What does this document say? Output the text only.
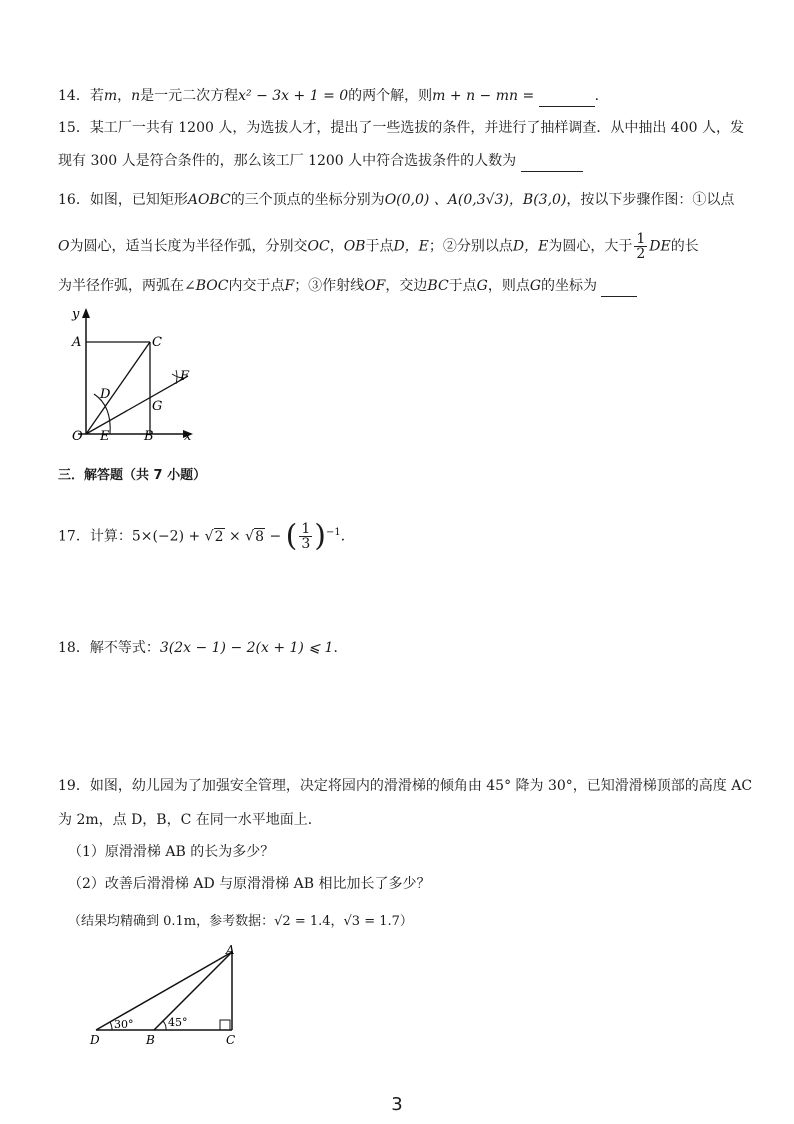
14．若m，n是一元二次方程x² − 3x + 1 = 0的两个解，则m + n − mn =	.
15．某工厂一共有 1200 人，为选拔人才，提出了一些选拔的条件，并进行了抽样调查．从中抽出 400 人，发
现有 300 人是符合条件的，那么该工厂 1200 人中符合选拔条件的人数为
16．如图，已知矩形AOBC的三个顶点的坐标分别为O(0,0) 、A(0,3√3)，B(3,0)，按以下步骤作图：①以点
O为圆心，适当长度为半径作弧，分别交OC，OB于点D，E；②分别以点D，E为圆心，大于 $\frac{1}{2}$ DE的长
为半径作弧，两弧在∠BOC内交于点F；③作射线OF，交边BC于点G，则点G的坐标为
y
A	C
D
F
G
O E	B x
三．解答题（共 7 小题）
17．计算：5×(−2) + √2 × √8 − ( $\frac{1}{3} )^{-1}$．
18．解不等式：3(2x − 1) − 2(x + 1) ⩽ 1．
19．如图，幼儿园为了加强安全管理，决定将园内的滑滑梯的倾角由 45° 降为 30°，已知滑滑梯顶部的高度 AC
为 2m，点 D，B，C 在同一水平地面上．
（1）原滑滑梯 AB 的长为多少？
（2）改善后滑滑梯 AD 与原滑滑梯 AB 相比加长了多少？
（结果均精确到 0.1m，参考数据：√2 = 1.4，√3 = 1.7）
30°	45°
A
D	B	C
3
